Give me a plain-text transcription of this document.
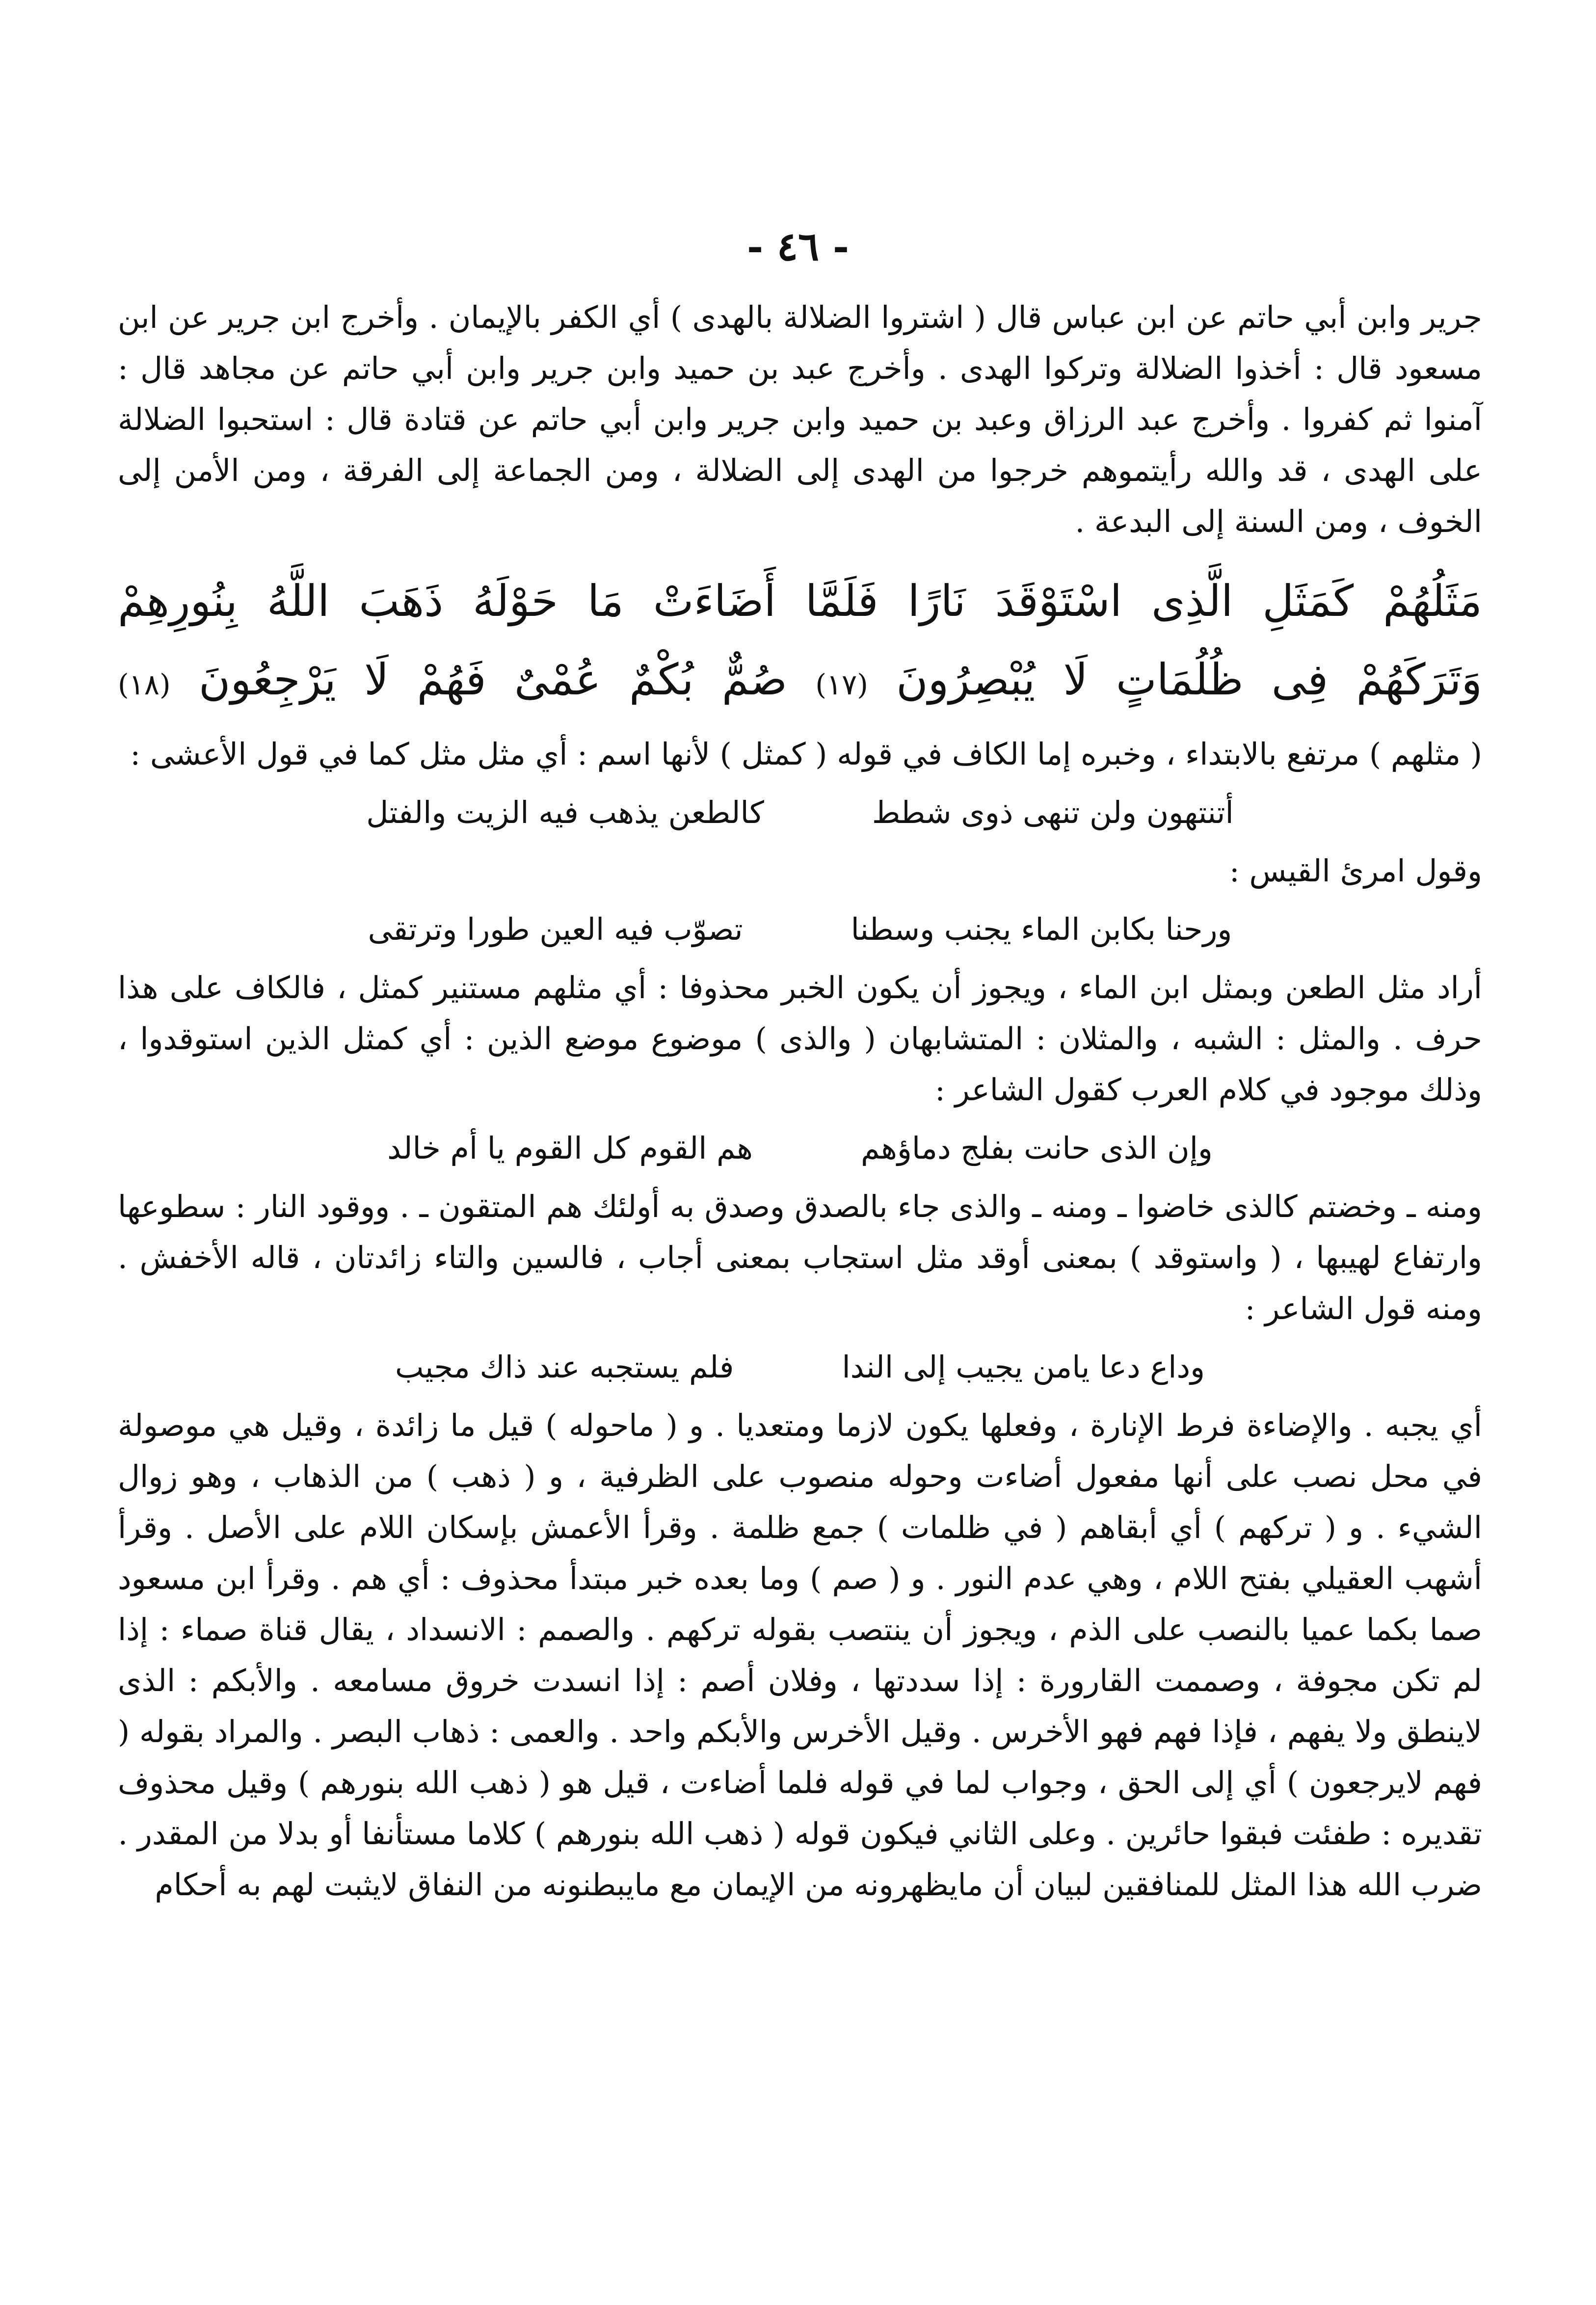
- ٤٦ -

جرير وابن أبي حاتم عن ابن عباس قال ( اشتروا الضلالة بالهدى ) أي الكفر بالإيمان . وأخرج ابن جرير عن ابن مسعود قال : أخذوا الضلالة وتركوا الهدى . وأخرج عبد بن حميد وابن جرير وابن أبي حاتم عن مجاهد قال : آمنوا ثم كفروا . وأخرج عبد الرزاق وعبد بن حميد وابن جرير وابن أبي حاتم عن قتادة قال : استحبوا الضلالة على الهدى ، قد والله رأيتموهم خرجوا من الهدى إلى الضلالة ، ومن الجماعة إلى الفرقة ، ومن الأمن إلى الخوف ، ومن السنة إلى البدعة .

مَثَلُهُمْ كَمَثَلِ الَّذِى اسْتَوْقَدَ نَارًا فَلَمَّا أَضَاءَتْ مَا حَوْلَهُ ذَهَبَ اللَّهُ بِنُورِهِمْ
وَتَرَكَهُمْ فِى ظُلُمَاتٍ لَا يُبْصِرُونَ (١٧) صُمٌّ بُكْمٌ عُمْىٌ فَهُمْ لَا يَرْجِعُونَ (١٨)

( مثلهم ) مرتفع بالابتداء ، وخبره إما الكاف في قوله ( كمثل ) لأنها اسم : أي مثل مثل كما في قول الأعشى :

أتنتهون ولن تنهى ذوى شطط
كالطعن يذهب فيه الزيت والفتل

وقول امرئ القيس :

ورحنا بكابن الماء يجنب وسطنا
تصوّب فيه العين طورا وترتقى

أراد مثل الطعن وبمثل ابن الماء ، ويجوز أن يكون الخبر محذوفا : أي مثلهم مستنير كمثل ، فالكاف على هذا حرف . والمثل : الشبه ، والمثلان : المتشابهان ( والذى ) موضوع موضع الذين : أي كمثل الذين استوقدوا ، وذلك موجود في كلام العرب كقول الشاعر :

وإن الذى حانت بفلج دماؤهم
هم القوم كل القوم يا أم خالد

ومنه ـ وخضتم كالذى خاضوا ـ ومنه ـ والذى جاء بالصدق وصدق به أولئك هم المتقون ـ . ووقود النار : سطوعها وارتفاع لهيبها ، ( واستوقد ) بمعنى أوقد مثل استجاب بمعنى أجاب ، فالسين والتاء زائدتان ، قاله الأخفش . ومنه قول الشاعر :

وداع دعا يامن يجيب إلى الندا
فلم يستجبه عند ذاك مجيب

أي يجبه . والإضاءة فرط الإنارة ، وفعلها يكون لازما ومتعديا . و ( ماحوله ) قيل ما زائدة ، وقيل هي موصولة في محل نصب على أنها مفعول أضاءت وحوله منصوب على الظرفية ، و ( ذهب ) من الذهاب ، وهو زوال الشيء . و ( تركهم ) أي أبقاهم ( في ظلمات ) جمع ظلمة . وقرأ الأعمش بإسكان اللام على الأصل . وقرأ أشهب العقيلي بفتح اللام ، وهي عدم النور . و ( صم ) وما بعده خبر مبتدأ محذوف : أي هم . وقرأ ابن مسعود صما بكما عميا بالنصب على الذم ، ويجوز أن ينتصب بقوله تركهم . والصمم : الانسداد ، يقال قناة صماء : إذا لم تكن مجوفة ، وصممت القارورة : إذا سددتها ، وفلان أصم : إذا انسدت خروق مسامعه . والأبكم : الذى لاينطق ولا يفهم ، فإذا فهم فهو الأخرس . وقيل الأخرس والأبكم واحد . والعمى : ذهاب البصر . والمراد بقوله ( فهم لايرجعون ) أي إلى الحق ، وجواب لما في قوله فلما أضاءت ، قيل هو ( ذهب الله بنورهم ) وقيل محذوف تقديره : طفئت فبقوا حائرين . وعلى الثاني فيكون قوله ( ذهب الله بنورهم ) كلاما مستأنفا أو بدلا من المقدر .

ضرب الله هذا المثل للمنافقين لبيان أن مايظهرونه من الإيمان مع مايبطنونه من النفاق لايثبت لهم به أحكام
